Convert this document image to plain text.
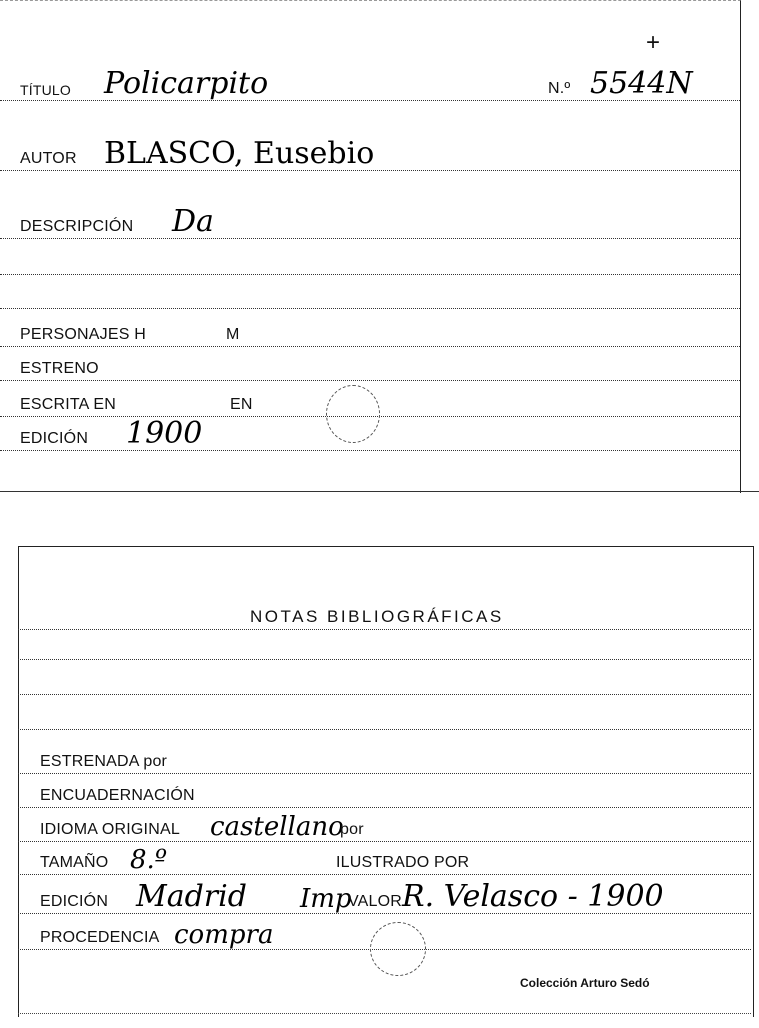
+
TÍTULO Policarpito	N.º 5544N
AUTOR BLASCO, Eusebio
DESCRIPCIÓN Da
PERSONAJES H	M
ESTRENO
ESCRITA EN	EN
EDICIÓN 1900
NOTAS BIBLIOGRÁFICAS
ESTRENADA por
ENCUADERNACIÓN
IDIOMA ORIGINAL castellano
por
TAMAÑO 8.º	ILUSTRADO POR
EDICIÓN Madrid Imp
VALOR R. Velasco - 1900
PROCEDENCIA compra
Colección Arturo Sedó
